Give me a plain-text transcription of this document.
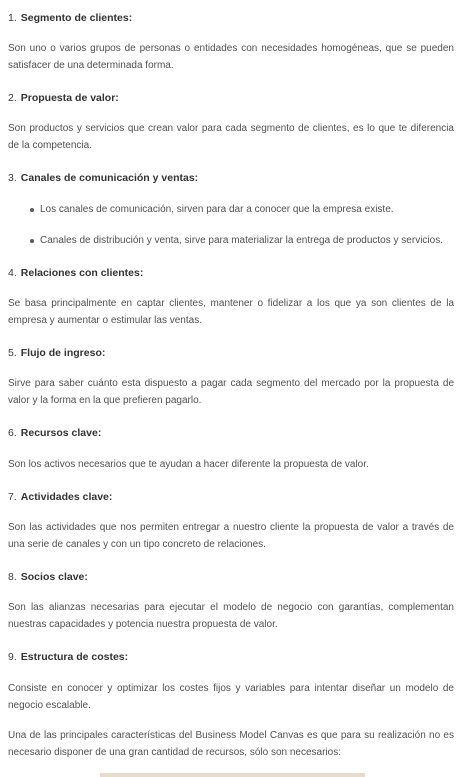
1. Segmento de clientes:

Son uno o varios grupos de personas o entidades con necesidades homogéneas, que se pueden satisfacer de una determinada forma.

2. Propuesta de valor:

Son productos y servicios que crean valor para cada segmento de clientes, es lo que te diferencia de la competencia.

3. Canales de comunicación y ventas:

Los canales de comunicación, sirven para dar a conocer que la empresa existe.
Canales de distribución y venta, sirve para materializar la entrega de productos y servicios.

4. Relaciones con clientes:

Se basa principalmente en captar clientes, mantener o fidelizar a los que ya son clientes de la empresa y aumentar o estimular las ventas.

5. Flujo de ingreso:

Sirve para saber cuánto esta dispuesto a pagar cada segmento del mercado por la propuesta de valor y la forma en la que prefieren pagarlo.

6. Recursos clave:

Son los activos necesarios que te ayudan a hacer diferente la propuesta de valor.

7. Actividades clave:

Son las actividades que nos permiten entregar a nuestro cliente la propuesta de valor a través de una serie de canales y con un tipo concreto de relaciones.

8. Socios clave:

Son las alianzas necesarias para ejecutar el modelo de negocio con garantías, complementan nuestras capacidades y potencia nuestra propuesta de valor.

9. Estructura de costes:

Consiste en conocer y optimizar los costes fijos y variables para intentar diseñar un modelo de negocio escalable.

Una de las principales características del Business Model Canvas es que para su realización no es necesario disponer de una gran cantidad de recursos, sólo son necesarios:
